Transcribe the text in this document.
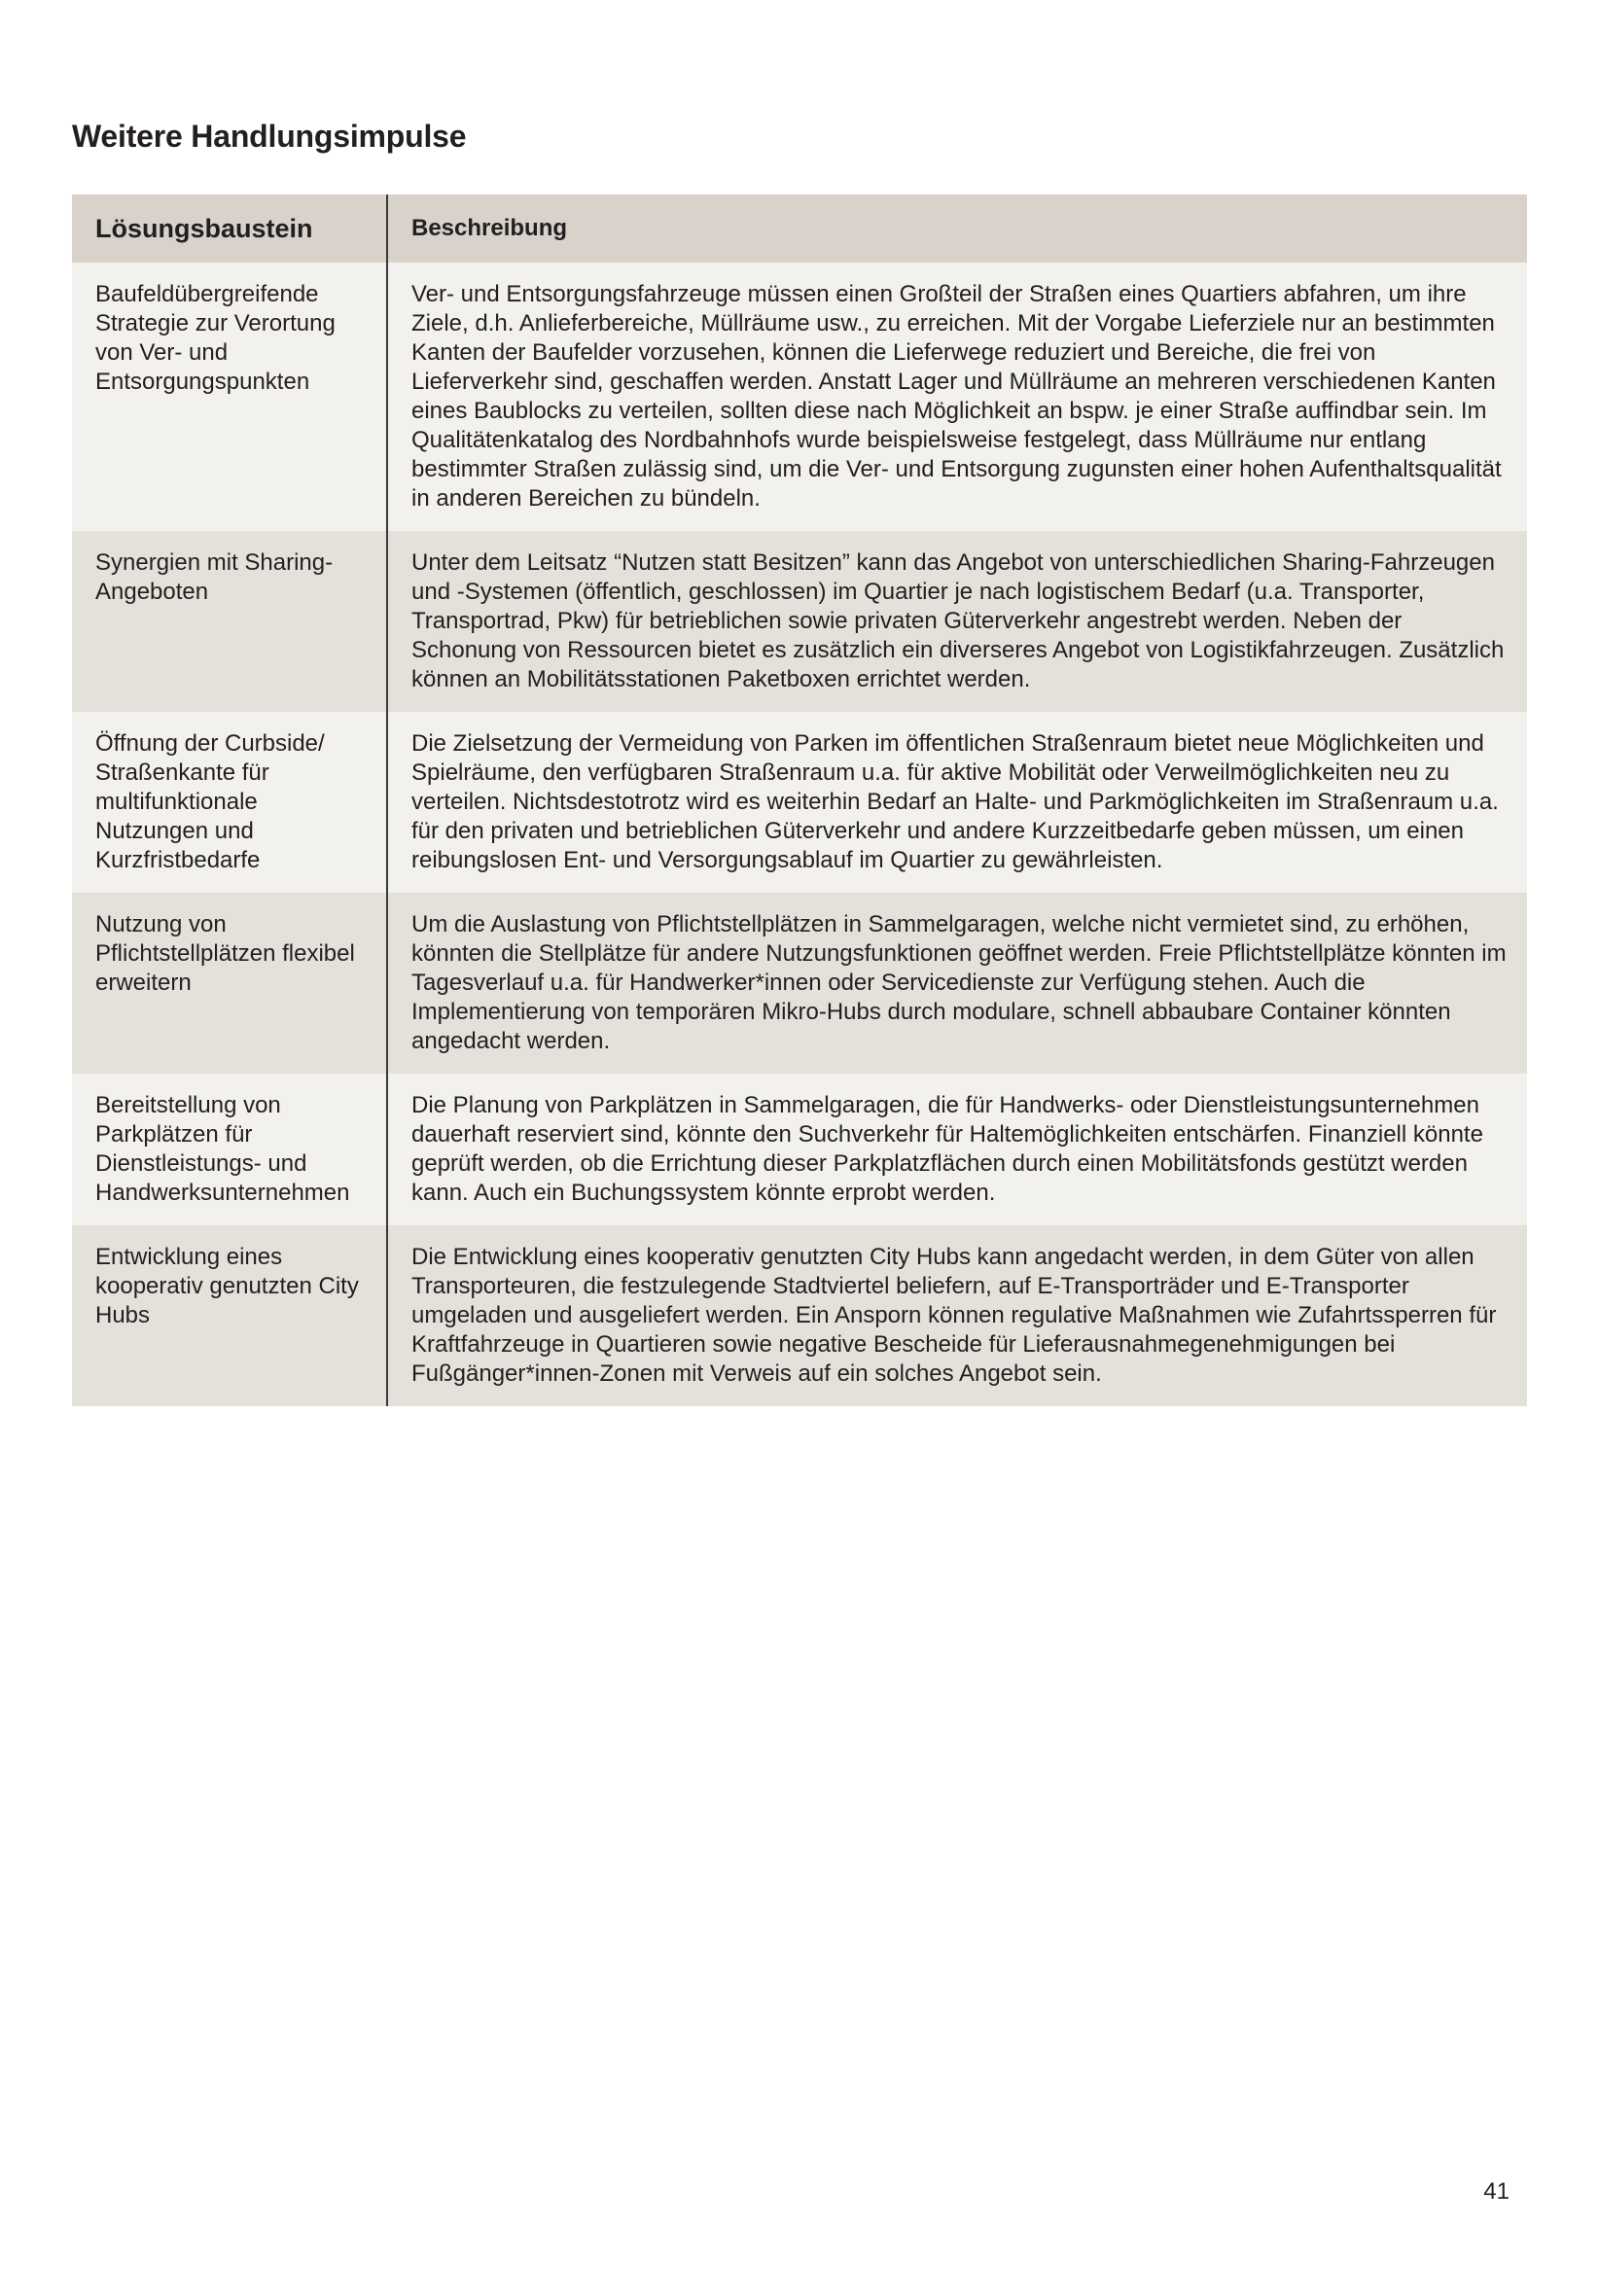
Weitere Handlungsimpulse
Lösungsbaustein	Beschreibung
Baufeldübergreifende Strategie zur Verortung von Ver- und Entsorgungspunkten	Ver- und Entsorgungsfahrzeuge müssen einen Großteil der Straßen eines Quartiers abfahren, um ihre Ziele, d.h. Anlieferbereiche, Müllräume usw., zu erreichen. Mit der Vorgabe Lieferziele nur an bestimmten Kanten der Baufelder vorzusehen, können die Lieferwege reduziert und Bereiche, die frei von Lieferverkehr sind, geschaffen werden. Anstatt Lager und Müllräume an mehreren verschiedenen Kanten eines Baublocks zu verteilen, sollten diese nach Möglichkeit an bspw. je einer Straße auffindbar sein. Im Qualitätenkatalog des Nordbahnhofs wurde beispielsweise festgelegt, dass Müllräume nur entlang bestimmter Straßen zulässig sind, um die Ver- und Entsorgung zugunsten einer hohen Aufenthaltsqualität in anderen Bereichen zu bündeln.
Synergien mit Sharing-Angeboten	Unter dem Leitsatz “Nutzen statt Besitzen” kann das Angebot von unterschiedlichen Sharing-Fahrzeugen und -Systemen (öffentlich, geschlossen) im Quartier je nach logistischem Bedarf (u.a. Transporter, Transportrad, Pkw) für betrieblichen sowie privaten Güterverkehr angestrebt werden. Neben der Schonung von Ressourcen bietet es zusätzlich ein diverseres Angebot von Logistikfahrzeugen. Zusätzlich können an Mobilitätsstationen Paketboxen errichtet werden.
Öffnung der Curbside/ Straßenkante für multifunktionale Nutzungen und Kurzfristbedarfe	Die Zielsetzung der Vermeidung von Parken im öffentlichen Straßenraum bietet neue Möglichkeiten und Spielräume, den verfügbaren Straßenraum u.a. für aktive Mobilität oder Verweilmöglichkeiten neu zu verteilen. Nichtsdestotrotz wird es weiterhin Bedarf an Halte- und Parkmöglichkeiten im Straßenraum u.a. für den privaten und betrieblichen Güterverkehr und andere Kurzzeitbedarfe geben müssen, um einen reibungslosen Ent- und Versorgungsablauf im Quartier zu gewährleisten.
Nutzung von Pflichtstellplätzen flexibel erweitern	Um die Auslastung von Pflichtstellplätzen in Sammelgaragen, welche nicht vermietet sind, zu erhöhen, könnten die Stellplätze für andere Nutzungsfunktionen geöffnet werden. Freie Pflichtstellplätze könnten im Tagesverlauf u.a. für Handwerker*innen oder Servicedienste zur Verfügung stehen. Auch die Implementierung von temporären Mikro-Hubs durch modulare, schnell abbaubare Container könnten angedacht werden.
Bereitstellung von Parkplätzen für Dienstleistungs- und Handwerksunternehmen	Die Planung von Parkplätzen in Sammelgaragen, die für Handwerks- oder Dienstleistungsunternehmen dauerhaft reserviert sind, könnte den Suchverkehr für Haltemöglichkeiten entschärfen. Finanziell könnte geprüft werden, ob die Errichtung dieser Parkplatzflächen durch einen Mobilitätsfonds gestützt werden kann. Auch ein Buchungssystem könnte erprobt werden.
Entwicklung eines kooperativ genutzten City Hubs	Die Entwicklung eines kooperativ genutzten City Hubs kann angedacht werden, in dem Güter von allen Transporteuren, die festzulegende Stadtviertel beliefern, auf E-Transporträder und E-Transporter umgeladen und ausgeliefert werden. Ein Ansporn können regulative Maßnahmen wie Zufahrtssperren für Kraftfahrzeuge in Quartieren sowie negative Bescheide für Lieferausnahmegenehmigungen bei Fußgänger*innen-Zonen mit Verweis auf ein solches Angebot sein.
41
